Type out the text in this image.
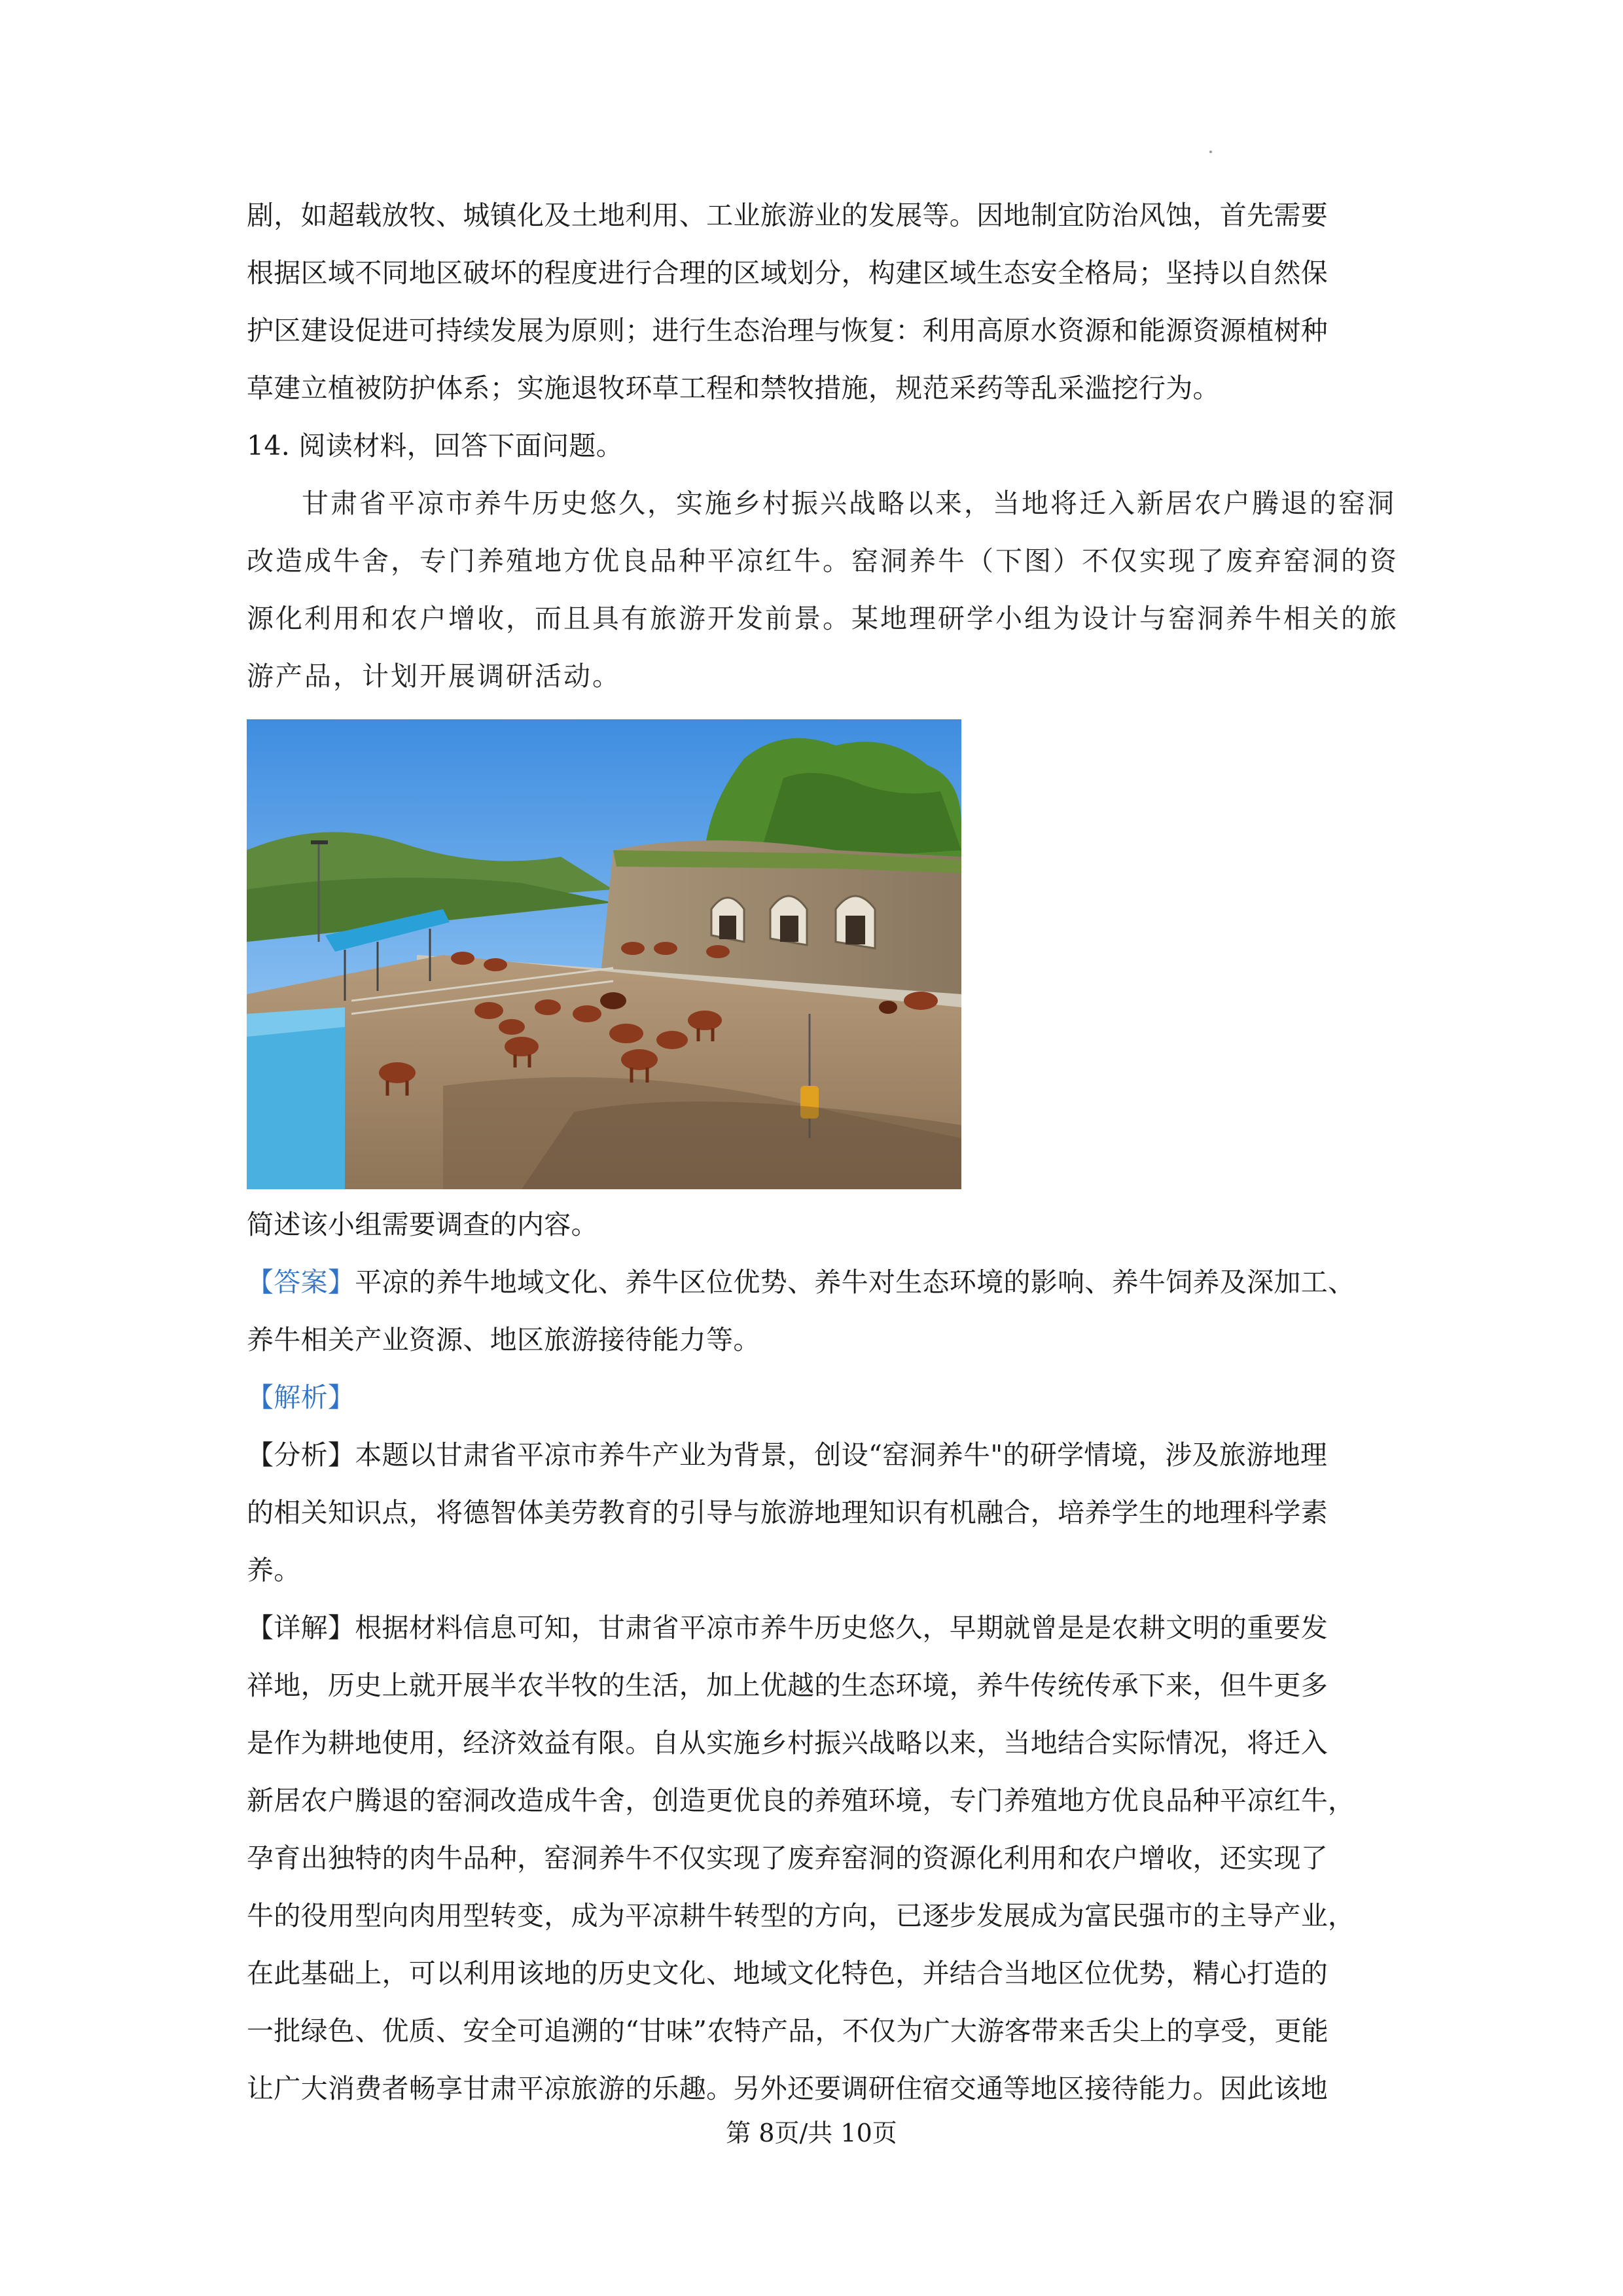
剧，如超载放牧、城镇化及土地利用、工业旅游业的发展等。因地制宜防治风蚀，首先需要
根据区域不同地区破坏的程度进行合理的区域划分，构建区域生态安全格局；坚持以自然保
护区建设促进可持续发展为原则；进行生态治理与恢复：利用高原水资源和能源资源植树种
草建立植被防护体系；实施退牧环草工程和禁牧措施，规范采药等乱采滥挖行为。
14. 阅读材料，回答下面问题。
甘肃省平凉市养牛历史悠久，实施乡村振兴战略以来，当地将迁入新居农户腾退的窑洞
改造成牛舍，专门养殖地方优良品种平凉红牛。窑洞养牛（下图）不仅实现了废弃窑洞的资
源化利用和农户增收，而且具有旅游开发前景。某地理研学小组为设计与窑洞养牛相关的旅
游产品，计划开展调研活动。
简述该小组需要调查的内容。
【答案】平凉的养牛地域文化、养牛区位优势、养牛对生态环境的影响、养牛饲养及深加工、
养牛相关产业资源、地区旅游接待能力等。
【解析】
【分析】本题以甘肃省平凉市养牛产业为背景，创设“窑洞养牛"的研学情境，涉及旅游地理
的相关知识点，将德智体美劳教育的引导与旅游地理知识有机融合，培养学生的地理科学素
养。
【详解】根据材料信息可知，甘肃省平凉市养牛历史悠久，早期就曾是是农耕文明的重要发
祥地，历史上就开展半农半牧的生活，加上优越的生态环境，养牛传统传承下来，但牛更多
是作为耕地使用，经济效益有限。自从实施乡村振兴战略以来，当地结合实际情况，将迁入
新居农户腾退的窑洞改造成牛舍，创造更优良的养殖环境，专门养殖地方优良品种平凉红牛，
孕育出独特的肉牛品种，窑洞养牛不仅实现了废弃窑洞的资源化利用和农户增收，还实现了
牛的役用型向肉用型转变，成为平凉耕牛转型的方向，已逐步发展成为富民强市的主导产业，
在此基础上，可以利用该地的历史文化、地域文化特色，并结合当地区位优势，精心打造的
一批绿色、优质、安全可追溯的“甘味”农特产品，不仅为广大游客带来舌尖上的享受，更能
让广大消费者畅享甘肃平凉旅游的乐趣。另外还要调研住宿交通等地区接待能力。因此该地
第 8页/共 10页
